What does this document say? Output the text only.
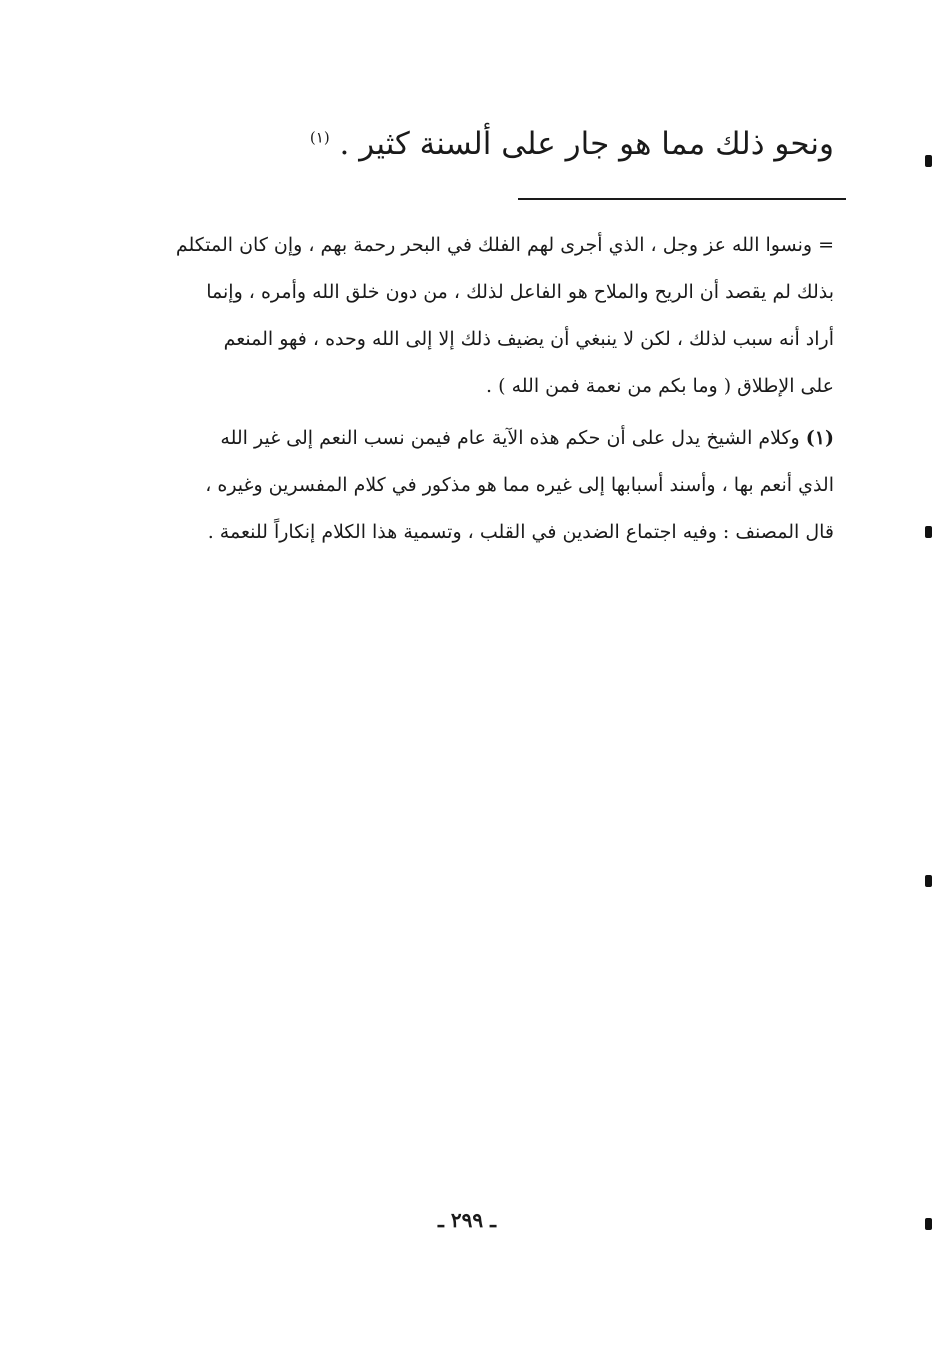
ونحو ذلك مما هو جار على ألسنة كثير . $^{(١)}$
= ونسوا الله عز وجل ، الذي أجرى لهم الفلك في البحر رحمة بهم ، وإن كان المتكلم
بذلك لم يقصد أن الريح والملاح هو الفاعل لذلك ، من دون خلق الله وأمره ، وإنما
أراد أنه سبب لذلك ، لكن لا ينبغي أن يضيف ذلك إلا إلى الله وحده ، فهو المنعم
على الإطلاق ( وما بكم من نعمة فمن الله ) .
(١) وكلام الشيخ يدل على أن حكم هذه الآية عام فيمن نسب النعم إلى غير الله
الذي أنعم بها ، وأسند أسبابها إلى غيره مما هو مذكور في كلام المفسرين وغيره ،
قال المصنف : وفيه اجتماع الضدين في القلب ، وتسمية هذا الكلام إنكاراً للنعمة .
ـ ٢٩٩ ـ
